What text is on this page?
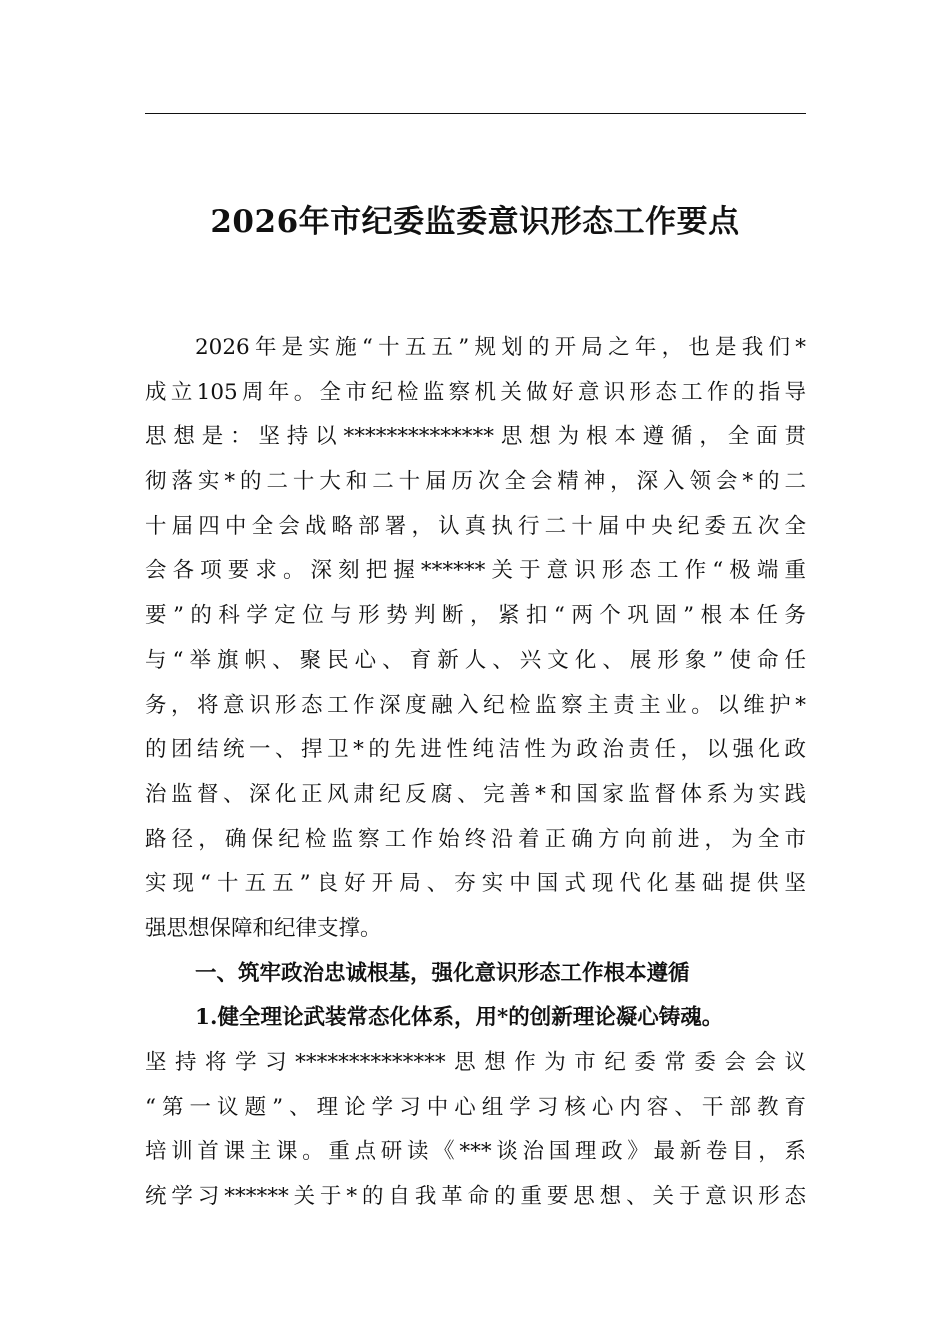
2026年市纪委监委意识形态工作要点
2026年是实施“十五五”规划的开局之年，也是我们*
成立105周年。全市纪检监察机关做好意识形态工作的指导
思想是：坚持以**************思想为根本遵循，全面贯
彻落实*的二十大和二十届历次全会精神，深入领会*的二
十届四中全会战略部署，认真执行二十届中央纪委五次全
会各项要求。深刻把握******关于意识形态工作“极端重
要”的科学定位与形势判断，紧扣“两个巩固”根本任务
与“举旗帜、聚民心、育新人、兴文化、展形象”使命任
务，将意识形态工作深度融入纪检监察主责主业。以维护*
的团结统一、捍卫*的先进性纯洁性为政治责任，以强化政
治监督、深化正风肃纪反腐、完善*和国家监督体系为实践
路径，确保纪检监察工作始终沿着正确方向前进，为全市
实现“十五五”良好开局、夯实中国式现代化基础提供坚
强思想保障和纪律支撑。
一、筑牢政治忠诚根基，强化意识形态工作根本遵循
1.健全理论武装常态化体系，用*的创新理论凝心铸魂。
坚持将学习**************思想作为市纪委常委会会议
“第一议题”、理论学习中心组学习核心内容、干部教育
培训首课主课。重点研读《***谈治国理政》最新卷目，系
统学习******关于*的自我革命的重要思想、关于意识形态
